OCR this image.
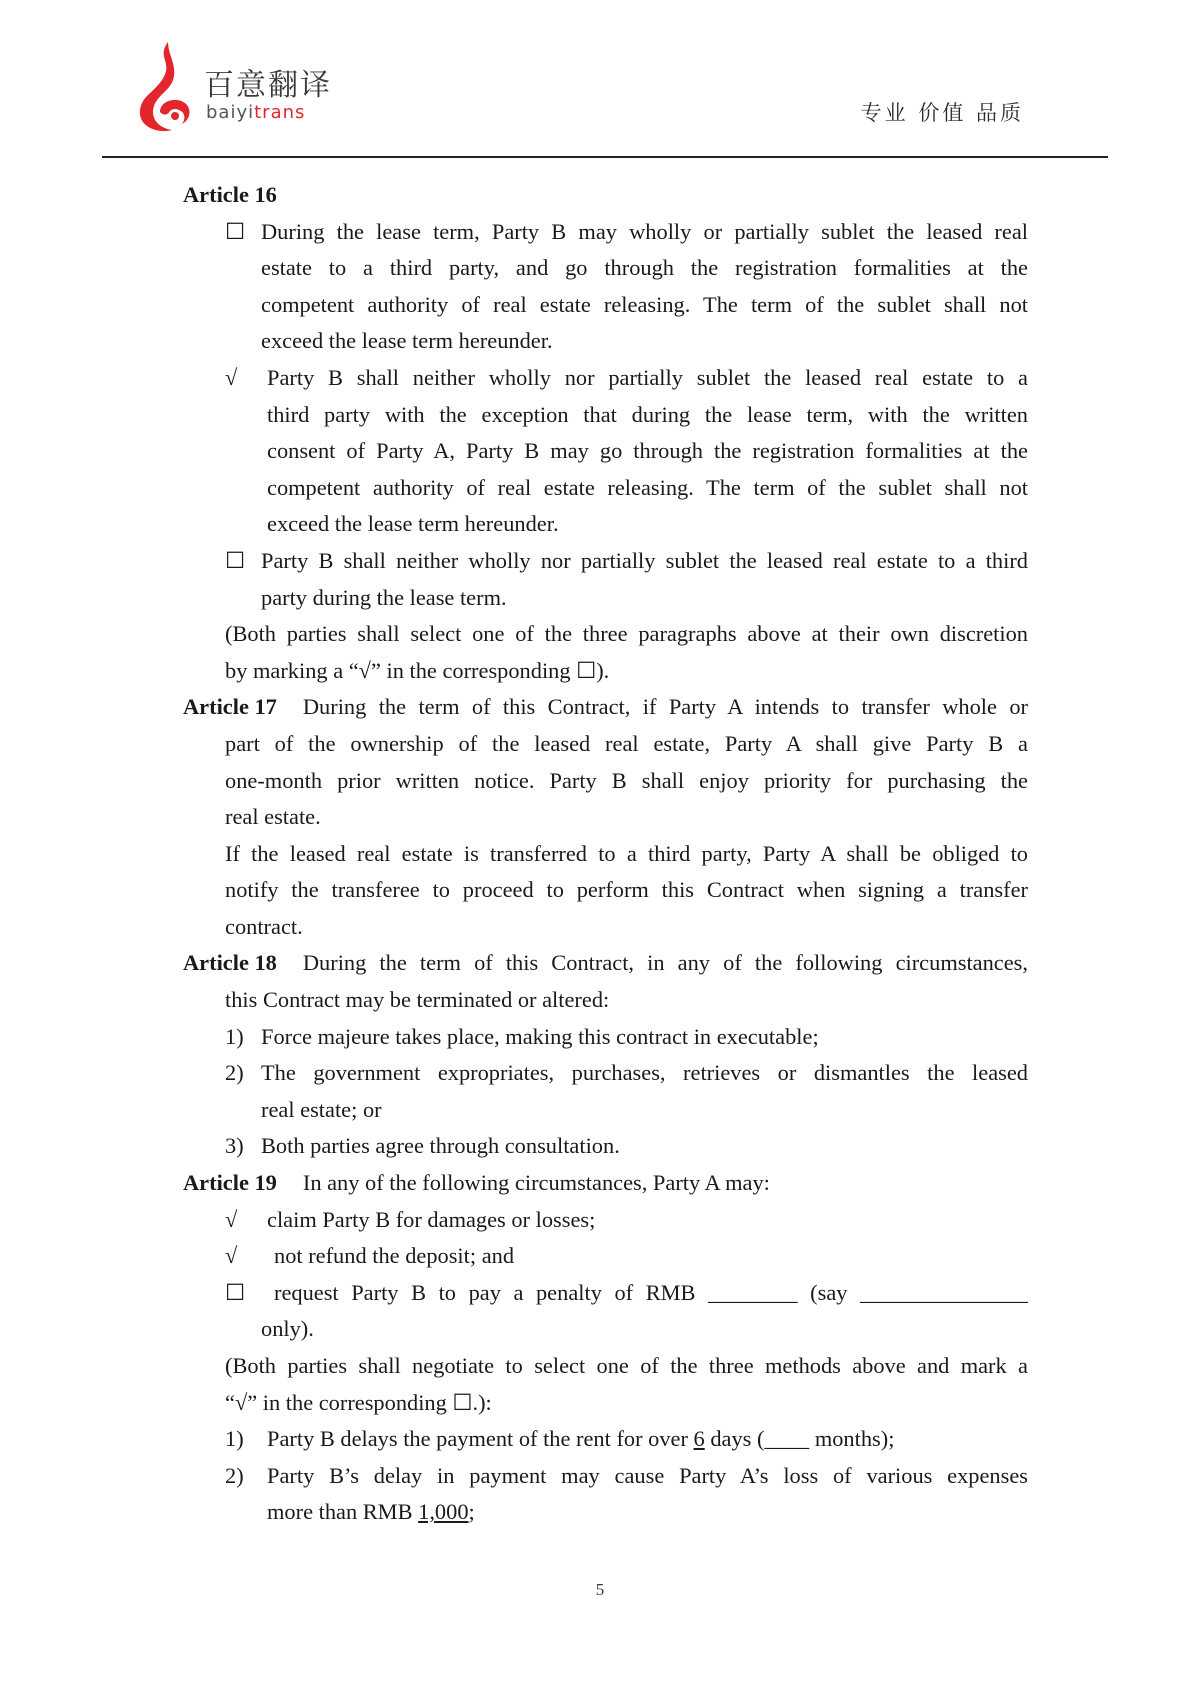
百意翻译
baiyitrans	专业 价值 品质
Article 16
☐ During the lease term, Party B may wholly or partially sublet the leased real
estate to a third party, and go through the registration formalities at the
competent authority of real estate releasing. The term of the sublet shall not
exceed the lease term hereunder.
√ Party B shall neither wholly nor partially sublet the leased real estate to a
third party with the exception that during the lease term, with the written
consent of Party A, Party B may go through the registration formalities at the
competent authority of real estate releasing. The term of the sublet shall not
exceed the lease term hereunder.
☐ Party B shall neither wholly nor partially sublet the leased real estate to a third
party during the lease term.
(Both parties shall select one of the three paragraphs above at their own discretion
by marking a “√” in the corresponding ☐).
Article 17 During the term of this Contract, if Party A intends to transfer whole or
part of the ownership of the leased real estate, Party A shall give Party B a
one-month prior written notice. Party B shall enjoy priority for purchasing the
real estate.
If the leased real estate is transferred to a third party, Party A shall be obliged to
notify the transferee to proceed to perform this Contract when signing a transfer
contract.
Article 18 During the term of this Contract, in any of the following circumstances,
this Contract may be terminated or altered:
1) Force majeure takes place, making this contract in executable;
2) The government expropriates, purchases, retrieves or dismantles the leased
real estate; or
3) Both parties agree through consultation.
Article 19 In any of the following circumstances, Party A may:
√ claim Party B for damages or losses;
√ not refund the deposit; and
☐ request Party B to pay a penalty of RMB ________ (say _______________
only).
(Both parties shall negotiate to select one of the three methods above and mark a
“√” in the corresponding ☐.):
1) Party B delays the payment of the rent for over 6 days (____ months);
2) Party B’s delay in payment may cause Party A’s loss of various expenses
more than RMB 1,000;
5
